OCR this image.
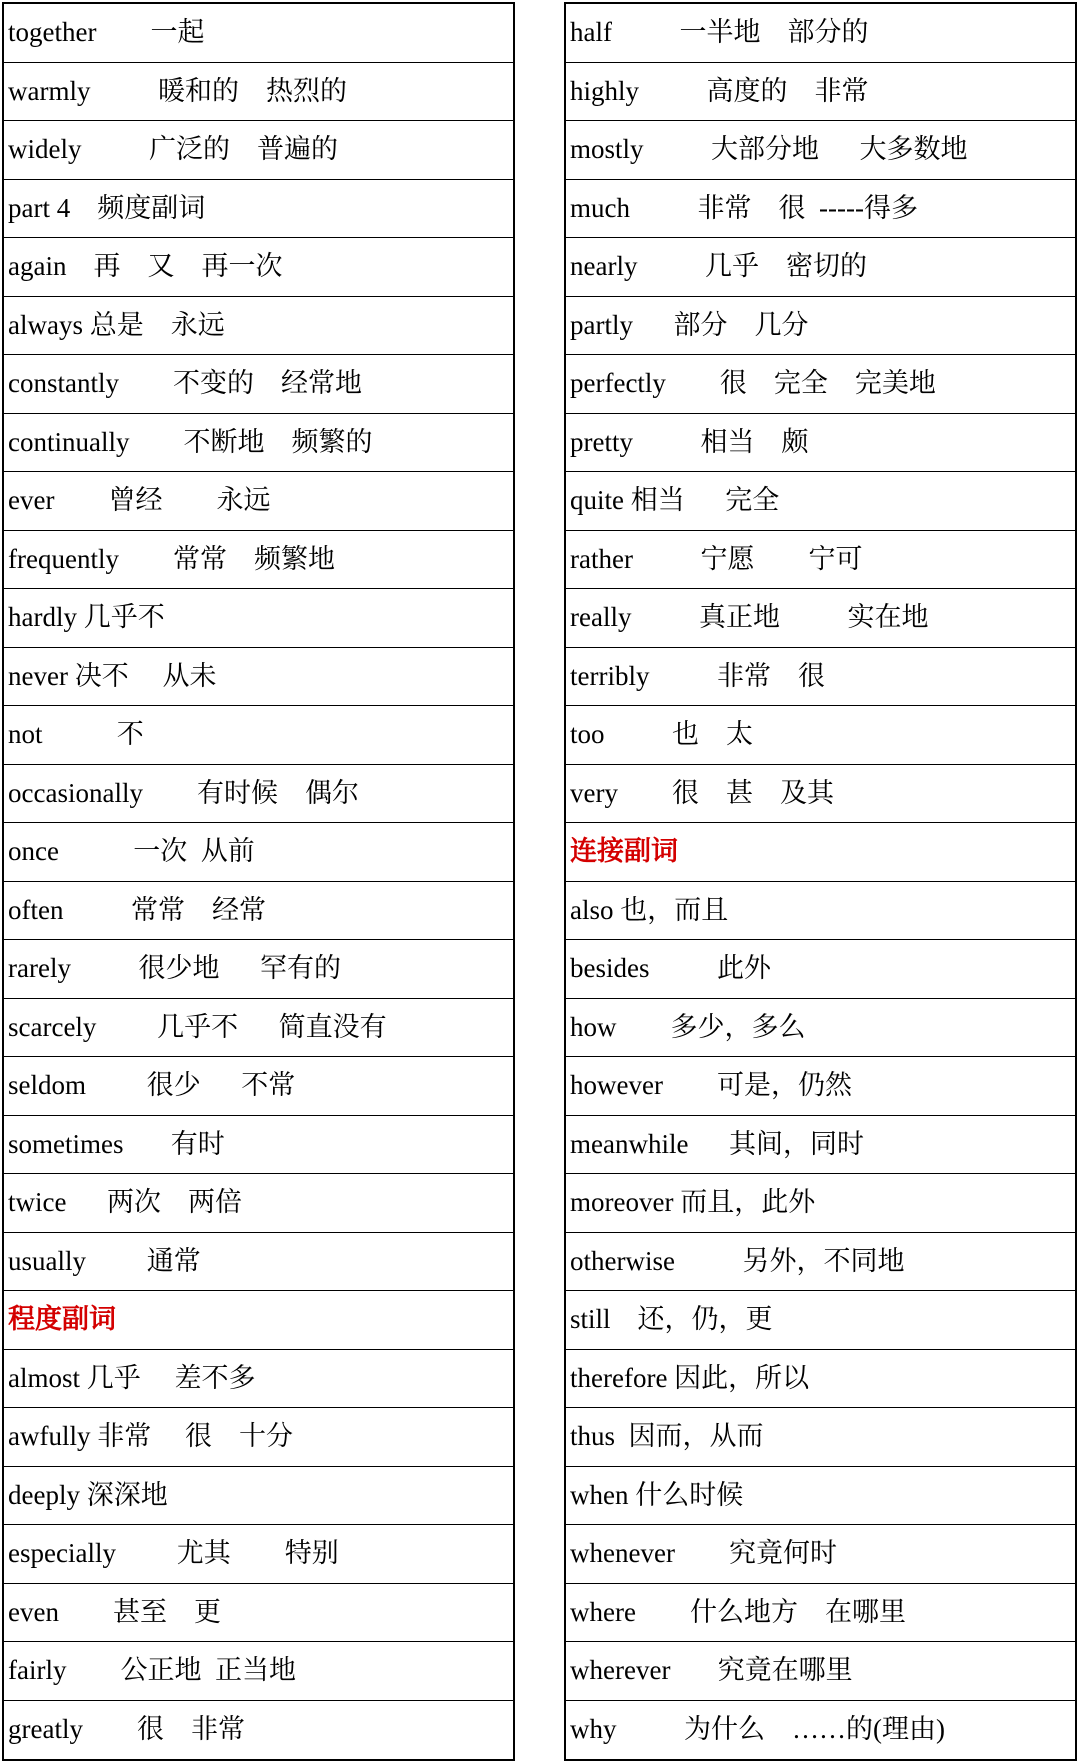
together        一起
warmly          暖和的    热烈的
widely          广泛的    普遍的
part 4    频度副词
again    再    又    再一次
always 总是    永远
constantly        不变的    经常地
continually        不断地    频繁的
ever        曾经        永远
frequently        常常    频繁地
hardly 几乎不
never 决不     从未
not           不
occasionally        有时候    偶尔
once           一次  从前
often          常常    经常
rarely          很少地      罕有的
scarcely         几乎不      简直没有
seldom         很少      不常
sometimes       有时
twice      两次    两倍
usually         通常
程度副词
almost 几乎     差不多
awfully 非常     很    十分
deeply 深深地
especially         尤其        特别
even        甚至    更
fairly        公正地  正当地
greatly        很    非常
half          一半地    部分的
highly          高度的    非常
mostly          大部分地      大多数地
much          非常    很  -----得多
nearly          几乎    密切的
partly      部分    几分
perfectly        很    完全    完美地
pretty          相当    颇
quite 相当      完全
rather          宁愿        宁可
really          真正地          实在地
terribly          非常    很
too          也    太
very        很    甚    及其
连接副词
also 也，而且
besides          此外
how        多少，多么
however        可是，仍然
meanwhile      其间，同时
moreover 而且，此外
otherwise          另外，不同地
still    还，仍，更
therefore 因此，所以
thus  因而，从而
when 什么时候
whenever        究竟何时
where        什么地方    在哪里
wherever       究竟在哪里
why          为什么    ……的(理由)
